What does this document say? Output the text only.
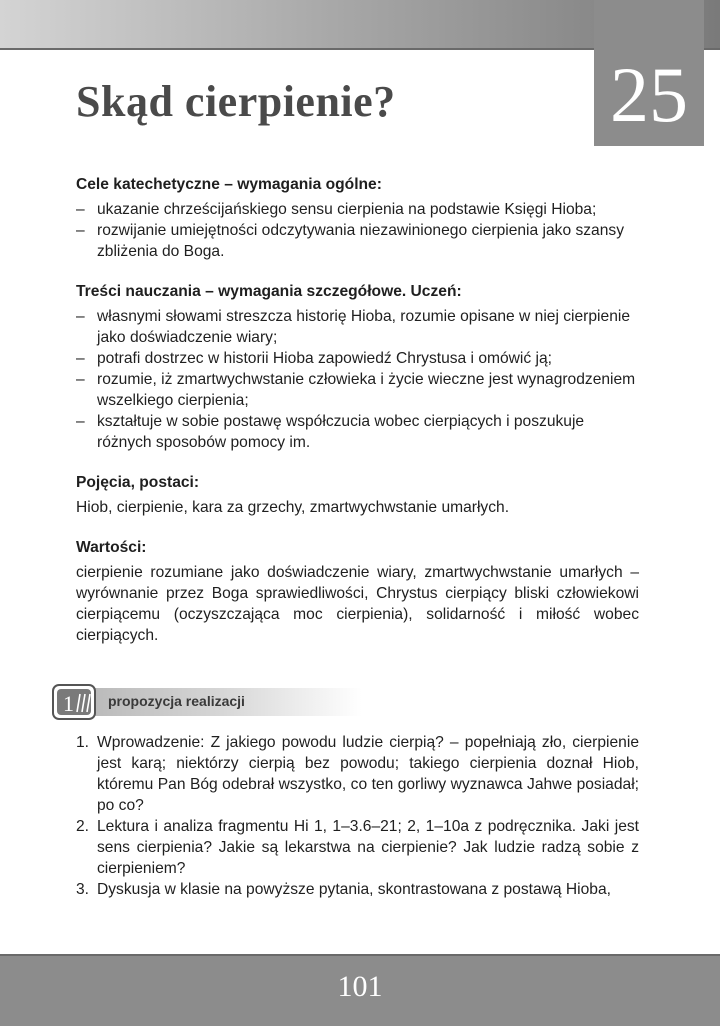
25
Skąd cierpienie?
Cele katechetyczne – wymagania ogólne:
– ukazanie chrześcijańskiego sensu cierpienia na podstawie Księgi Hioba;
– rozwijanie umiejętności odczytywania niezawinionego cierpienia jako szansy zbliżenia do Boga.
Treści nauczania – wymagania szczegółowe. Uczeń:
– własnymi słowami streszcza historię Hioba, rozumie opisane w niej cierpienie jako doświadczenie wiary;
– potrafi dostrzec w historii Hioba zapowiedź Chrystusa i omówić ją;
– rozumie, iż zmartwychwstanie człowieka i życie wieczne jest wynagrodzeniem wszelkiego cierpienia;
– kształtuje w sobie postawę współczucia wobec cierpiących i poszukuje różnych sposobów pomocy im.
Pojęcia, postaci:

Hiob, cierpienie, kara za grzechy, zmartwychwstanie umarłych.

Wartości:

cierpienie rozumiane jako doświadczenie wiary, zmartwychwstanie umarłych – wyrównanie przez Boga sprawiedliwości, Chrystus cierpiący bliski człowiekowi cierpiącemu (oczyszczająca moc cierpienia), solidarność i miłość wobec cierpiących.

propozycja realizacji
1
1. Wprowadzenie: Z jakiego powodu ludzie cierpią? – popełniają zło, cierpienie jest karą; niektórzy cierpią bez powodu; takiego cierpienia doznał Hiob, któremu Pan Bóg odebrał wszystko, co ten gorliwy wyznawca Jahwe posiadał; po co?
2. Lektura i analiza fragmentu Hi 1, 1–3.6–21; 2, 1–10a z podręcznika. Jaki jest sens cierpienia? Jakie są lekarstwa na cierpienie? Jak ludzie radzą sobie z cierpieniem?
3. Dyskusja w klasie na powyższe pytania, skontrastowana z postawą Hioba,
101
